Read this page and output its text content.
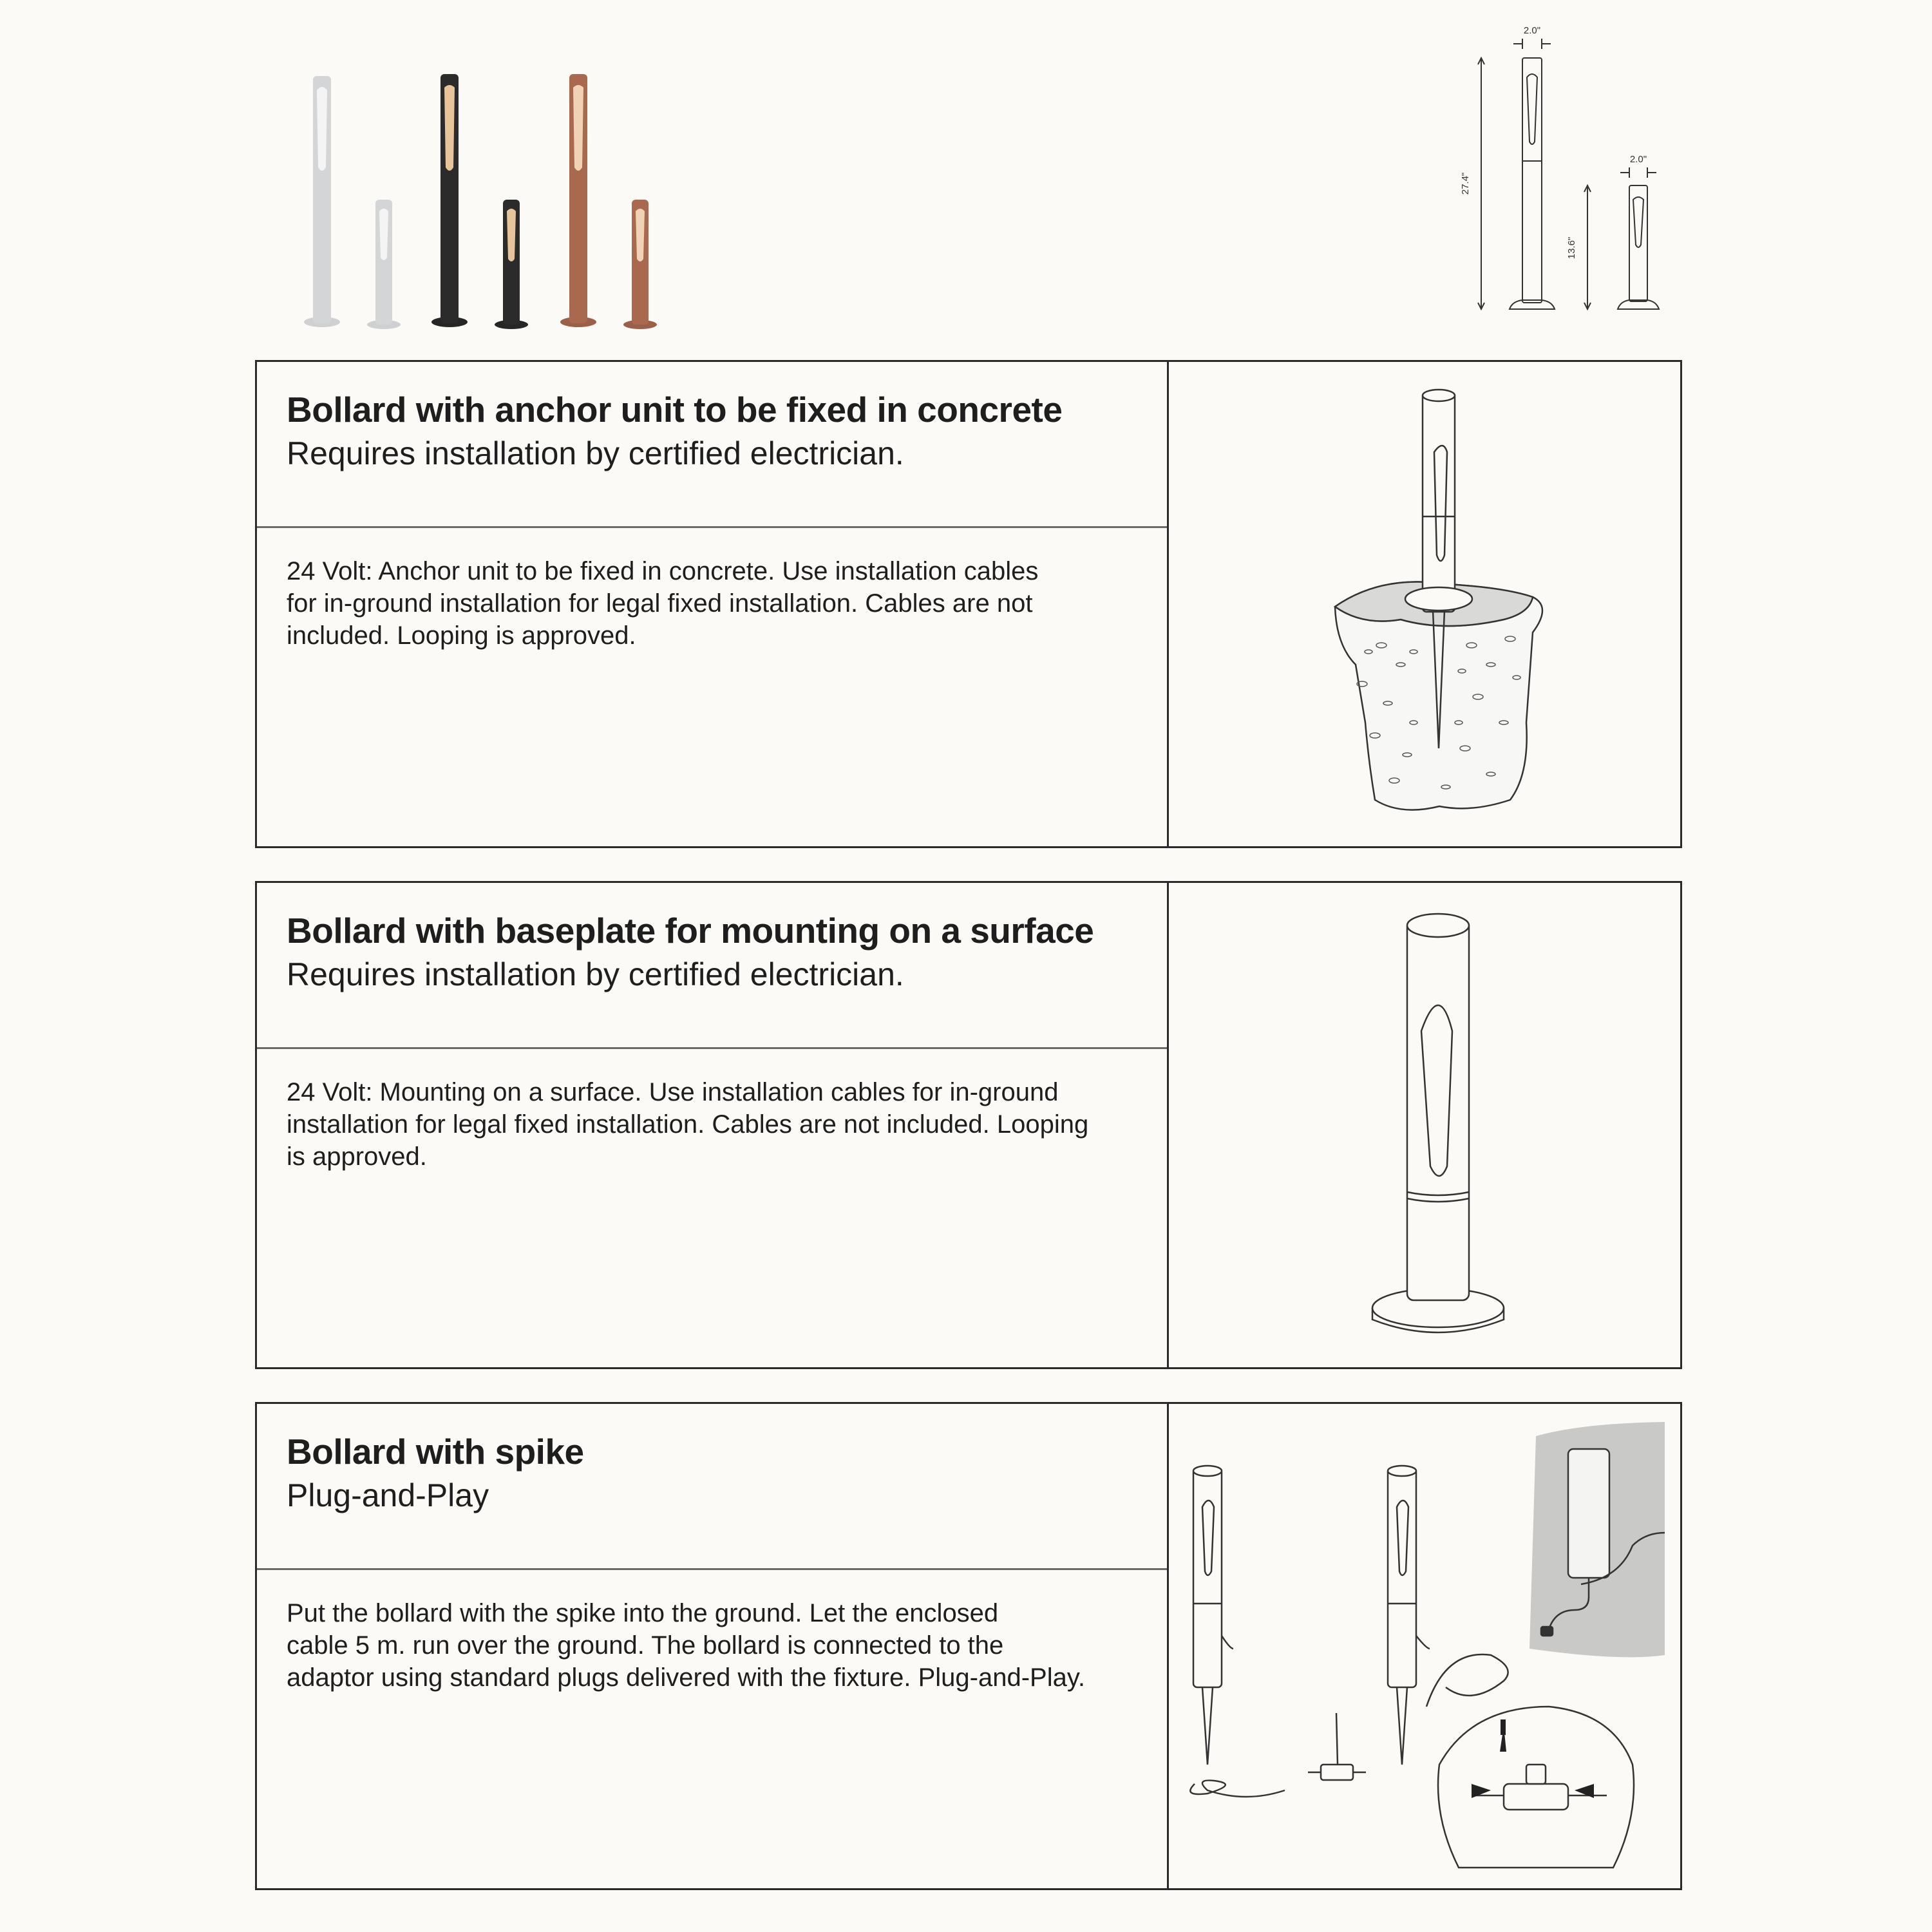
2.0"
2.0"
27.4"
13.6"
Bollard with anchor unit to be fixed in concrete
Requires installation by certified electrician.
24 Volt: Anchor unit to be fixed in concrete. Use installation cables
for in-ground installation for legal fixed installation. Cables are not
included. Looping is approved.
Bollard with baseplate for mounting on a surface
Requires installation by certified electrician.
24 Volt: Mounting on a surface. Use installation cables for in-ground
installation for legal fixed installation. Cables are not included. Looping
is approved.
Bollard with spike
Plug-and-Play
Put the bollard with the spike into the ground. Let the enclosed
cable 5 m. run over the ground. The bollard is connected to the
adaptor using standard plugs delivered with the fixture. Plug-and-Play.
